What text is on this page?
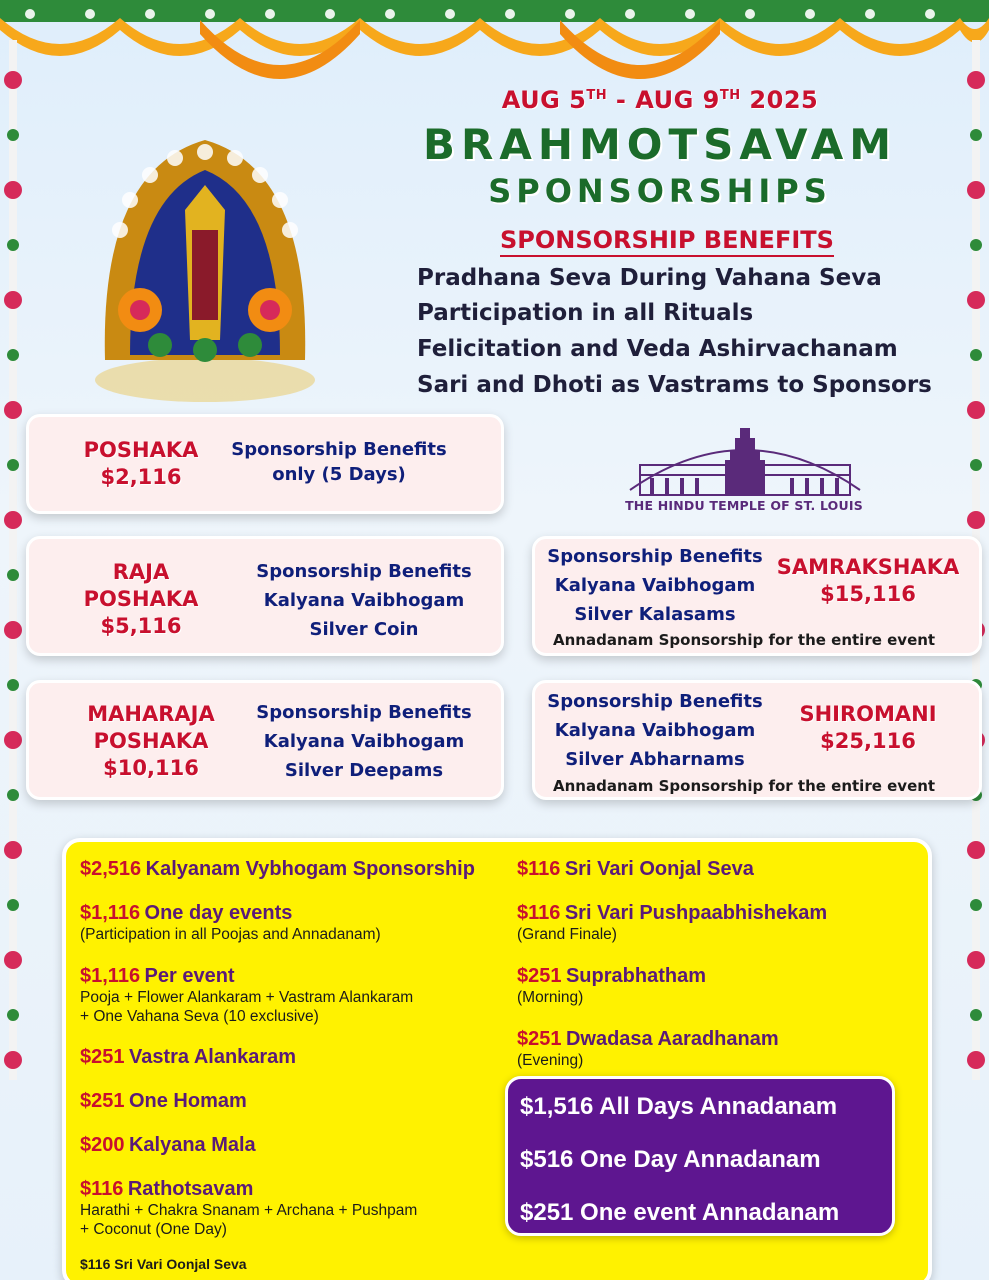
AUG 5TH - AUG 9TH 2025
BRAHMOTSAVAM
SPONSORSHIPS
SPONSORSHIP BENEFITS
Pradhana Seva During Vahana Seva
Participation in all Rituals
Felicitation and Veda Ashirvachanam
Sari and Dhoti as Vastrams to Sponsors
POSHAKA
$2,116
Sponsorship Benefits
only (5 Days)
THE HINDU TEMPLE OF ST. LOUIS
RAJA
POSHAKA
$5,116
Sponsorship Benefits
Kalyana Vaibhogam
Silver Coin
Sponsorship Benefits
Kalyana Vaibhogam
Silver Kalasams
SAMRAKSHAKA
$15,116
Annadanam Sponsorship for the entire event
MAHARAJA
POSHAKA
$10,116
Sponsorship Benefits
Kalyana Vaibhogam
Silver Deepams
Sponsorship Benefits
Kalyana Vaibhogam
Silver Abharnams
SHIROMANI
$25,116
Annadanam Sponsorship for the entire event
$2,516 Kalyanam Vybhogam Sponsorship
$1,116 One day events
(Participation in all Poojas and Annadanam)
$1,116 Per event
Pooja + Flower Alankaram + Vastram Alankaram
+ One Vahana Seva (10 exclusive)
$251 Vastra Alankaram
$251 One Homam
$200 Kalyana Mala
$116 Rathotsavam
Harathi + Chakra Snanam + Archana + Pushpam
+ Coconut (One Day)
$116 Sri Vari Oonjal Seva
$116 Sri Vari Pushpaabhishekam
(Grand Finale)
$251 Suprabhatham
(Morning)
$251 Dwadasa Aaradhanam
(Evening)
$1,516 All Days Annadanam
$516 One Day Annadanam
$251 One event Annadanam
$116 Sri Vari Oonjal Seva
